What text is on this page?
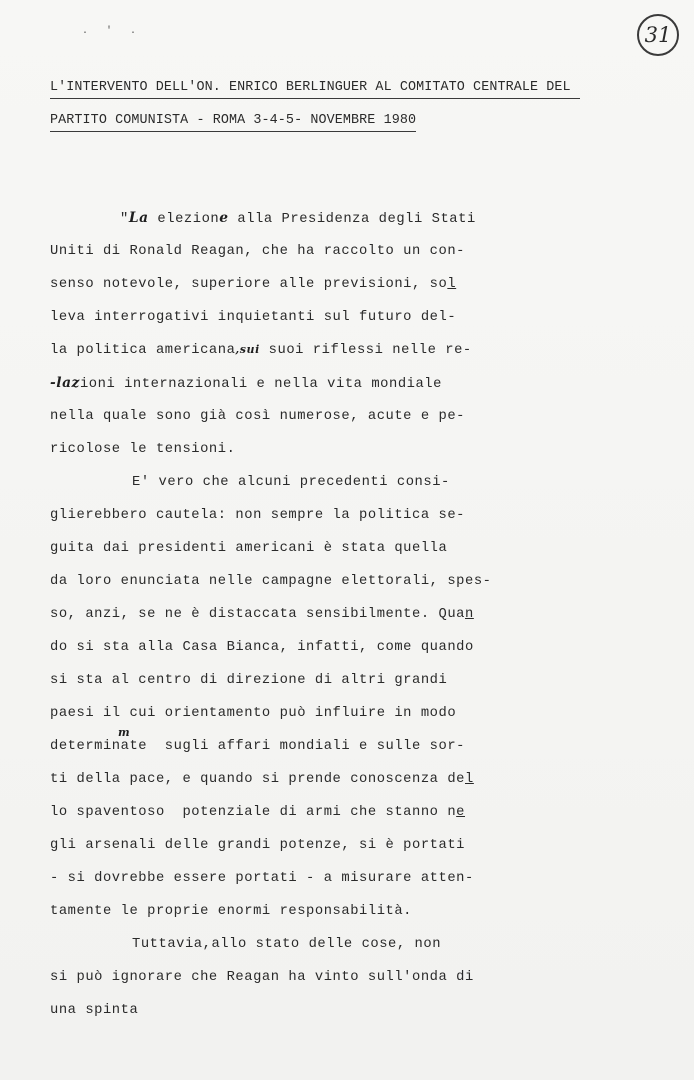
. ' .	31
L'INTERVENTO DELL'ON. ENRICO BERLINGUER AL COMITATO CENTRALE DEL
PARTITO COMUNISTA - ROMA 3-4-5- NOVEMBRE 1980
"La elezione alla Presidenza degli Stati
Uniti di Ronald Reagan, che ha raccolto un con-
senso notevole, superiore alle previsioni, sol
leva interrogativi inquietanti sul futuro del-
la politica americana,sui suoi riflessi nelle re-
-lazioni internazionali e nella vita mondiale
nella quale sono già così numerose, acute e pe-
ricolose le tensioni.
E' vero che alcuni precedenti consi-
glierebbero cautela: non sempre la politica se-
guita dai presidenti americani è stata quella
da loro enunciata nelle campagne elettorali, spes-
so, anzi, se ne è distaccata sensibilmente. Quan
do si sta alla Casa Bianca, infatti, come quando
si sta al centro di direzione di altri grandi
paesi il cui orientamento può influire in modo
m
determinate  sugli affari mondiali e sulle sor-
ti della pace, e quando si prende conoscenza del
lo spaventoso  potenziale di armi che stanno ne
gli arsenali delle grandi potenze, si è portati
- si dovrebbe essere portati - a misurare atten-
tamente le proprie enormi responsabilità.
Tuttavia,allo stato delle cose, non
si può ignorare che Reagan ha vinto sull'onda di
una spinta
